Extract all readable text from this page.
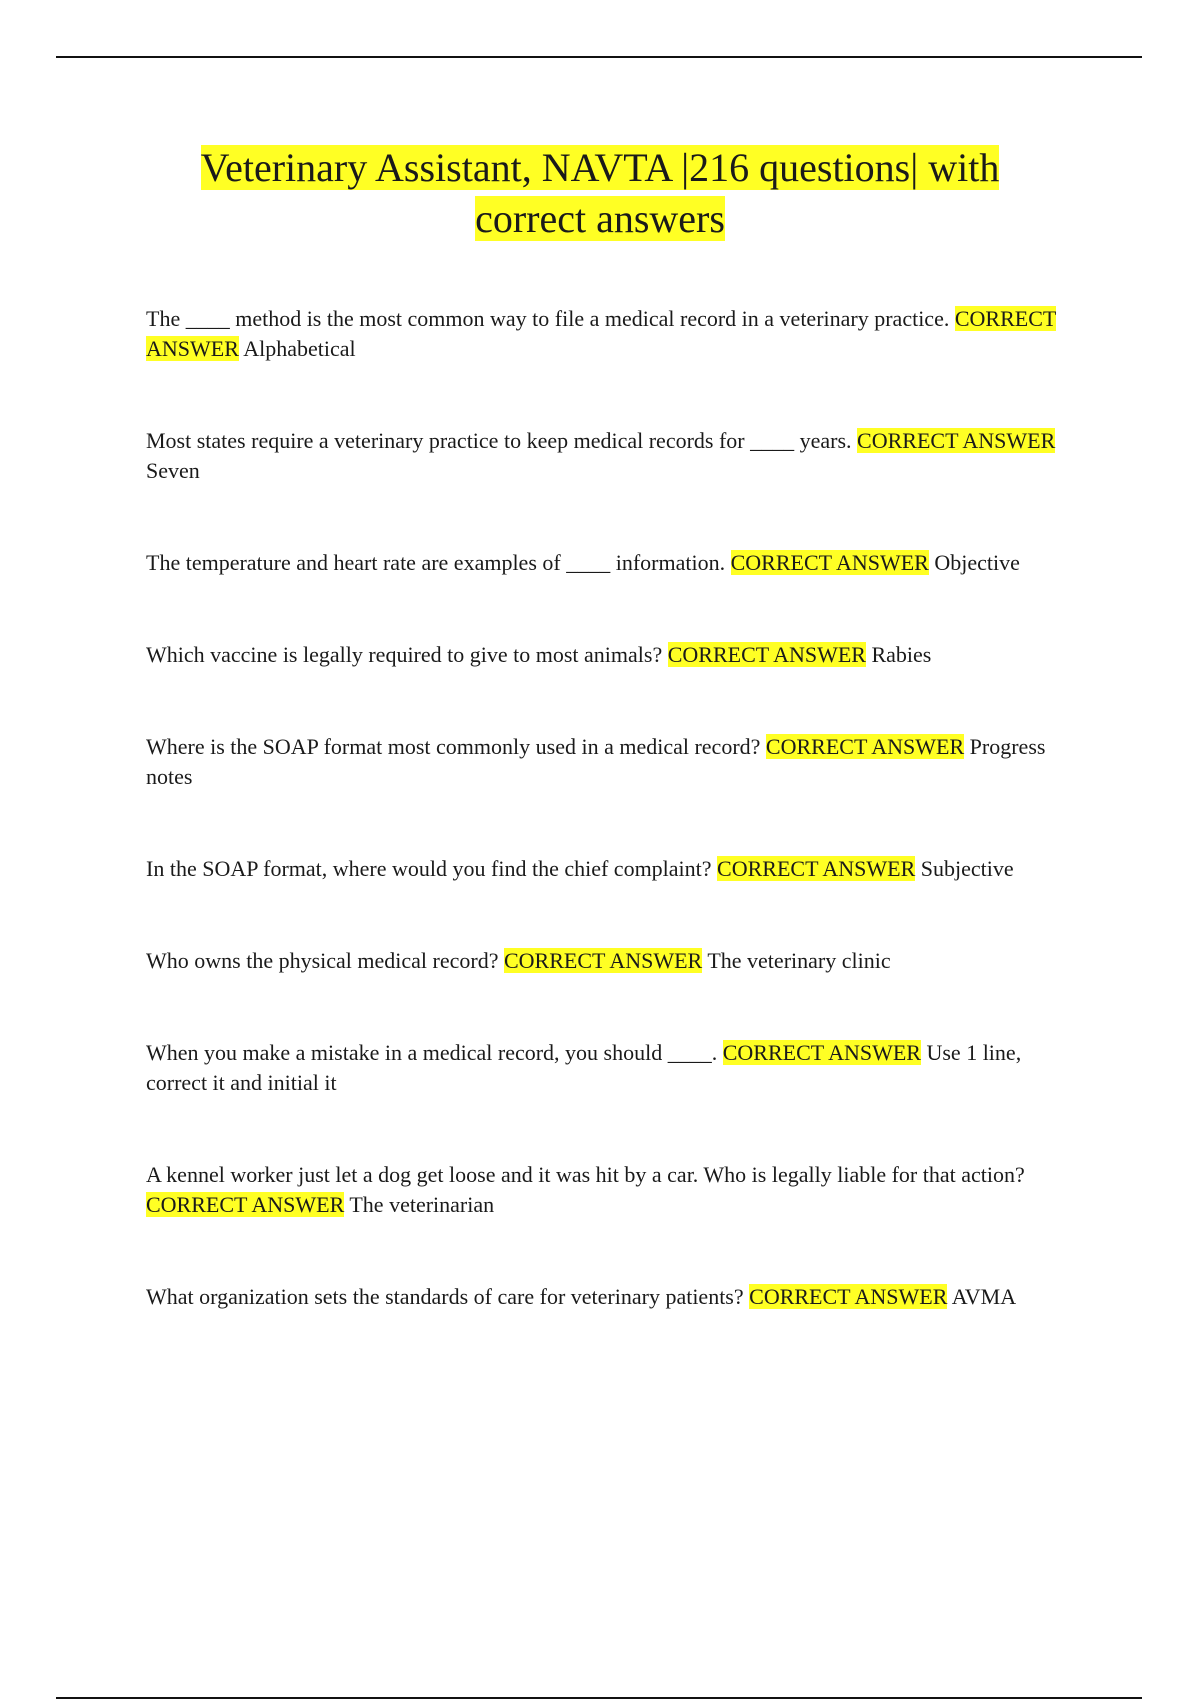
Veterinary Assistant, NAVTA |216 questions| with
correct answers
The ____ method is the most common way to file a medical record in a veterinary practice. CORRECT ANSWER Alphabetical
Most states require a veterinary practice to keep medical records for ____ years. CORRECT ANSWER Seven
The temperature and heart rate are examples of ____ information. CORRECT ANSWER Objective
Which vaccine is legally required to give to most animals? CORRECT ANSWER Rabies
Where is the SOAP format most commonly used in a medical record? CORRECT ANSWER Progress notes
In the SOAP format, where would you find the chief complaint? CORRECT ANSWER Subjective
Who owns the physical medical record? CORRECT ANSWER The veterinary clinic
When you make a mistake in a medical record, you should ____. CORRECT ANSWER Use 1 line, correct it and initial it
A kennel worker just let a dog get loose and it was hit by a car. Who is legally liable for that action? CORRECT ANSWER The veterinarian
What organization sets the standards of care for veterinary patients? CORRECT ANSWER AVMA
